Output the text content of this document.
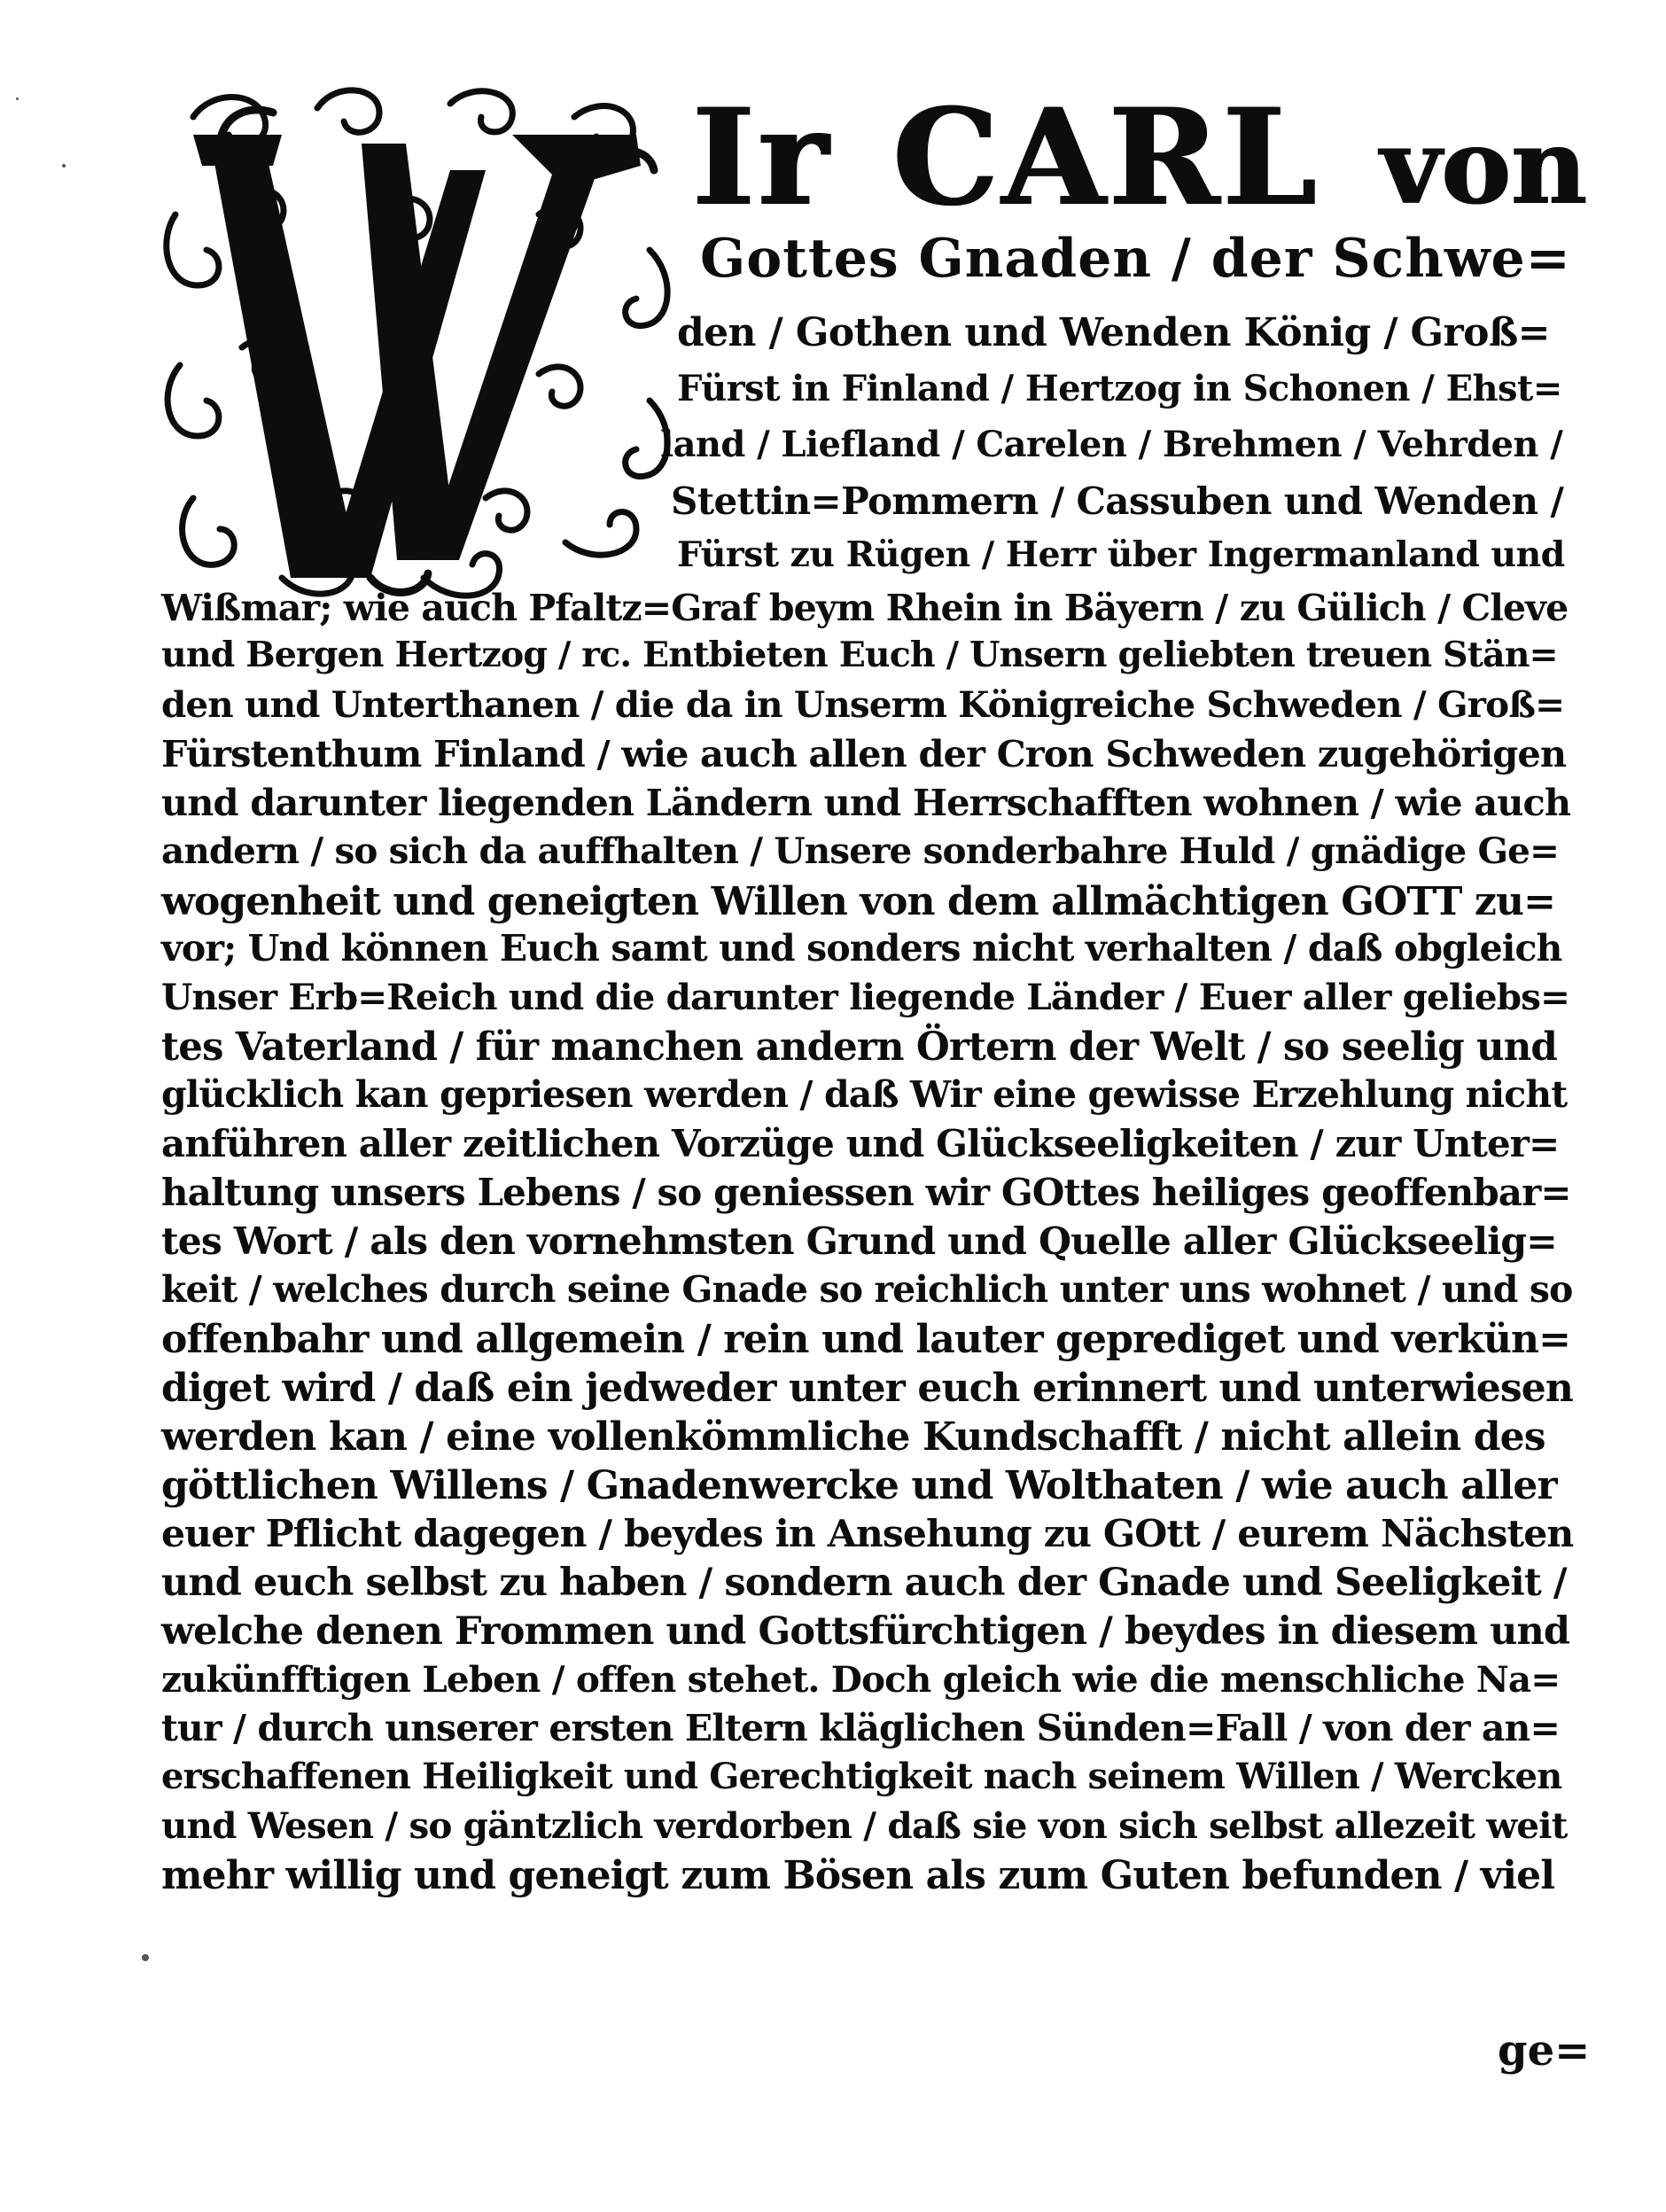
Ir CARL von
Gottes Gnaden / der Schwe=
den / Gothen und Wenden König / Groß=
Fürst in Finland / Hertzog in Schonen / Ehst=
land / Liefland / Carelen / Brehmen / Vehrden /
Stettin=Pommern / Cassuben und Wenden /
Fürst zu Rügen / Herr über Ingermanland und
Wißmar; wie auch Pfaltz=Graf beym Rhein in Bäyern / zu Gülich / Cleve
und Bergen Hertzog / rc. Entbieten Euch / Unsern geliebten treuen Stän=
den und Unterthanen / die da in Unserm Königreiche Schweden / Groß=
Fürstenthum Finland / wie auch allen der Cron Schweden zugehörigen
und darunter liegenden Ländern und Herrschafften wohnen / wie auch
andern / so sich da auffhalten / Unsere sonderbahre Huld / gnädige Ge=
wogenheit und geneigten Willen von dem allmächtigen GOTT zu=
vor; Und können Euch samt und sonders nicht verhalten / daß obgleich
Unser Erb=Reich und die darunter liegende Länder / Euer aller geliebs=
tes Vaterland / für manchen andern Örtern der Welt / so seelig und
glücklich kan gepriesen werden / daß Wir eine gewisse Erzehlung nicht
anführen aller zeitlichen Vorzüge und Glückseeligkeiten / zur Unter=
haltung unsers Lebens / so geniessen wir GOttes heiliges geoffenbar=
tes Wort / als den vornehmsten Grund und Quelle aller Glückseelig=
keit / welches durch seine Gnade so reichlich unter uns wohnet / und so
offenbahr und allgemein / rein und lauter geprediget und verkün=
diget wird / daß ein jedweder unter euch erinnert und unterwiesen
werden kan / eine vollenkömmliche Kundschafft / nicht allein des
göttlichen Willens / Gnadenwercke und Wolthaten / wie auch aller
euer Pflicht dagegen / beydes in Ansehung zu GOtt / eurem Nächsten
und euch selbst zu haben / sondern auch der Gnade und Seeligkeit /
welche denen Frommen und Gottsfürchtigen / beydes in diesem und
zukünfftigen Leben / offen stehet. Doch gleich wie die menschliche Na=
tur / durch unserer ersten Eltern kläglichen Sünden=Fall / von der an=
erschaffenen Heiligkeit und Gerechtigkeit nach seinem Willen / Wercken
und Wesen / so gäntzlich verdorben / daß sie von sich selbst allezeit weit
mehr willig und geneigt zum Bösen als zum Guten befunden / viel
ge=
